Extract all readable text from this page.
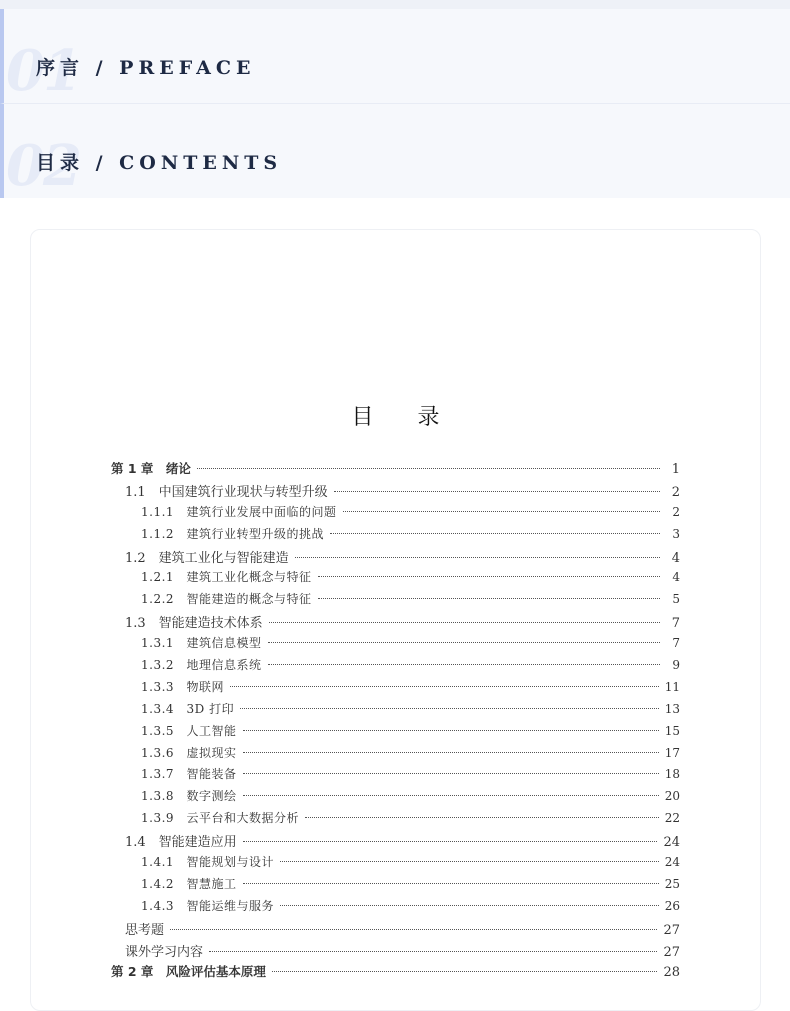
01
序言 / PREFACE
02
目录 / CONTENTS
目录
第 1 章　绪论	1
1.1　中国建筑行业现状与转型升级	2
1.1.1　建筑行业发展中面临的问题	2
1.1.2　建筑行业转型升级的挑战	3
1.2　建筑工业化与智能建造	4
1.2.1　建筑工业化概念与特征	4
1.2.2　智能建造的概念与特征	5
1.3　智能建造技术体系	7
1.3.1　建筑信息模型	7
1.3.2　地理信息系统	9
1.3.3　物联网	11
1.3.4　3D 打印	13
1.3.5　人工智能	15
1.3.6　虚拟现实	17
1.3.7　智能装备	18
1.3.8　数字测绘	20
1.3.9　云平台和大数据分析	22
1.4　智能建造应用	24
1.4.1　智能规划与设计	24
1.4.2　智慧施工	25
1.4.3　智能运维与服务	26
思考题	27
课外学习内容	27
第 2 章　风险评估基本原理	28
